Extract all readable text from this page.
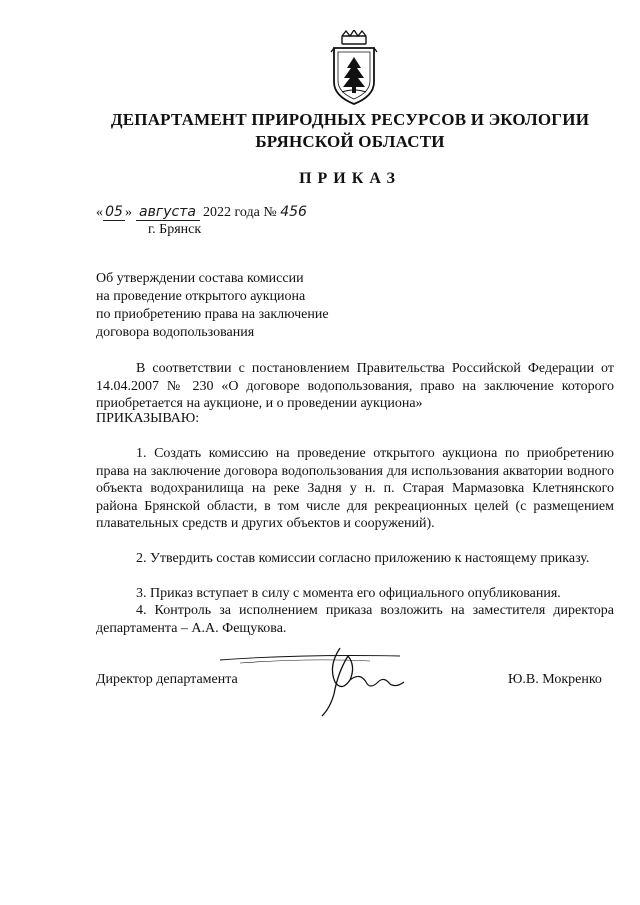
ДЕПАРТАМЕНТ ПРИРОДНЫХ РЕСУРСОВ И ЭКОЛОГИИ
БРЯНСКОЙ ОБЛАСТИ
ПРИКАЗ
« 05 » августа 2022 года № 456
г. Брянск
Об утверждении состава комиссии
на проведение открытого аукциона
по приобретению права на заключение
договора водопользования
В соответствии с постановлением Правительства Российской Федерации от 14.04.2007 № 230 «О договоре водопользования, право на заключение которого приобретается на аукционе, и о проведении аукциона»
ПРИКАЗЫВАЮ:
1. Создать комиссию на проведение открытого аукциона по приобретению права на заключение договора водопользования для использования акватории водного объекта водохранилища на реке Задня у н. п. Старая Мармазовка Клетнянского района Брянской области, в том числе для рекреационных целей (с размещением плавательных средств и других объектов и сооружений).
2. Утвердить состав комиссии согласно приложению к настоящему приказу.
3. Приказ вступает в силу с момента его официального опубликования.
4. Контроль за исполнением приказа возложить на заместителя директора департамента – А.А. Фещукова.
Директор департамента	Ю.В. Мокренко
